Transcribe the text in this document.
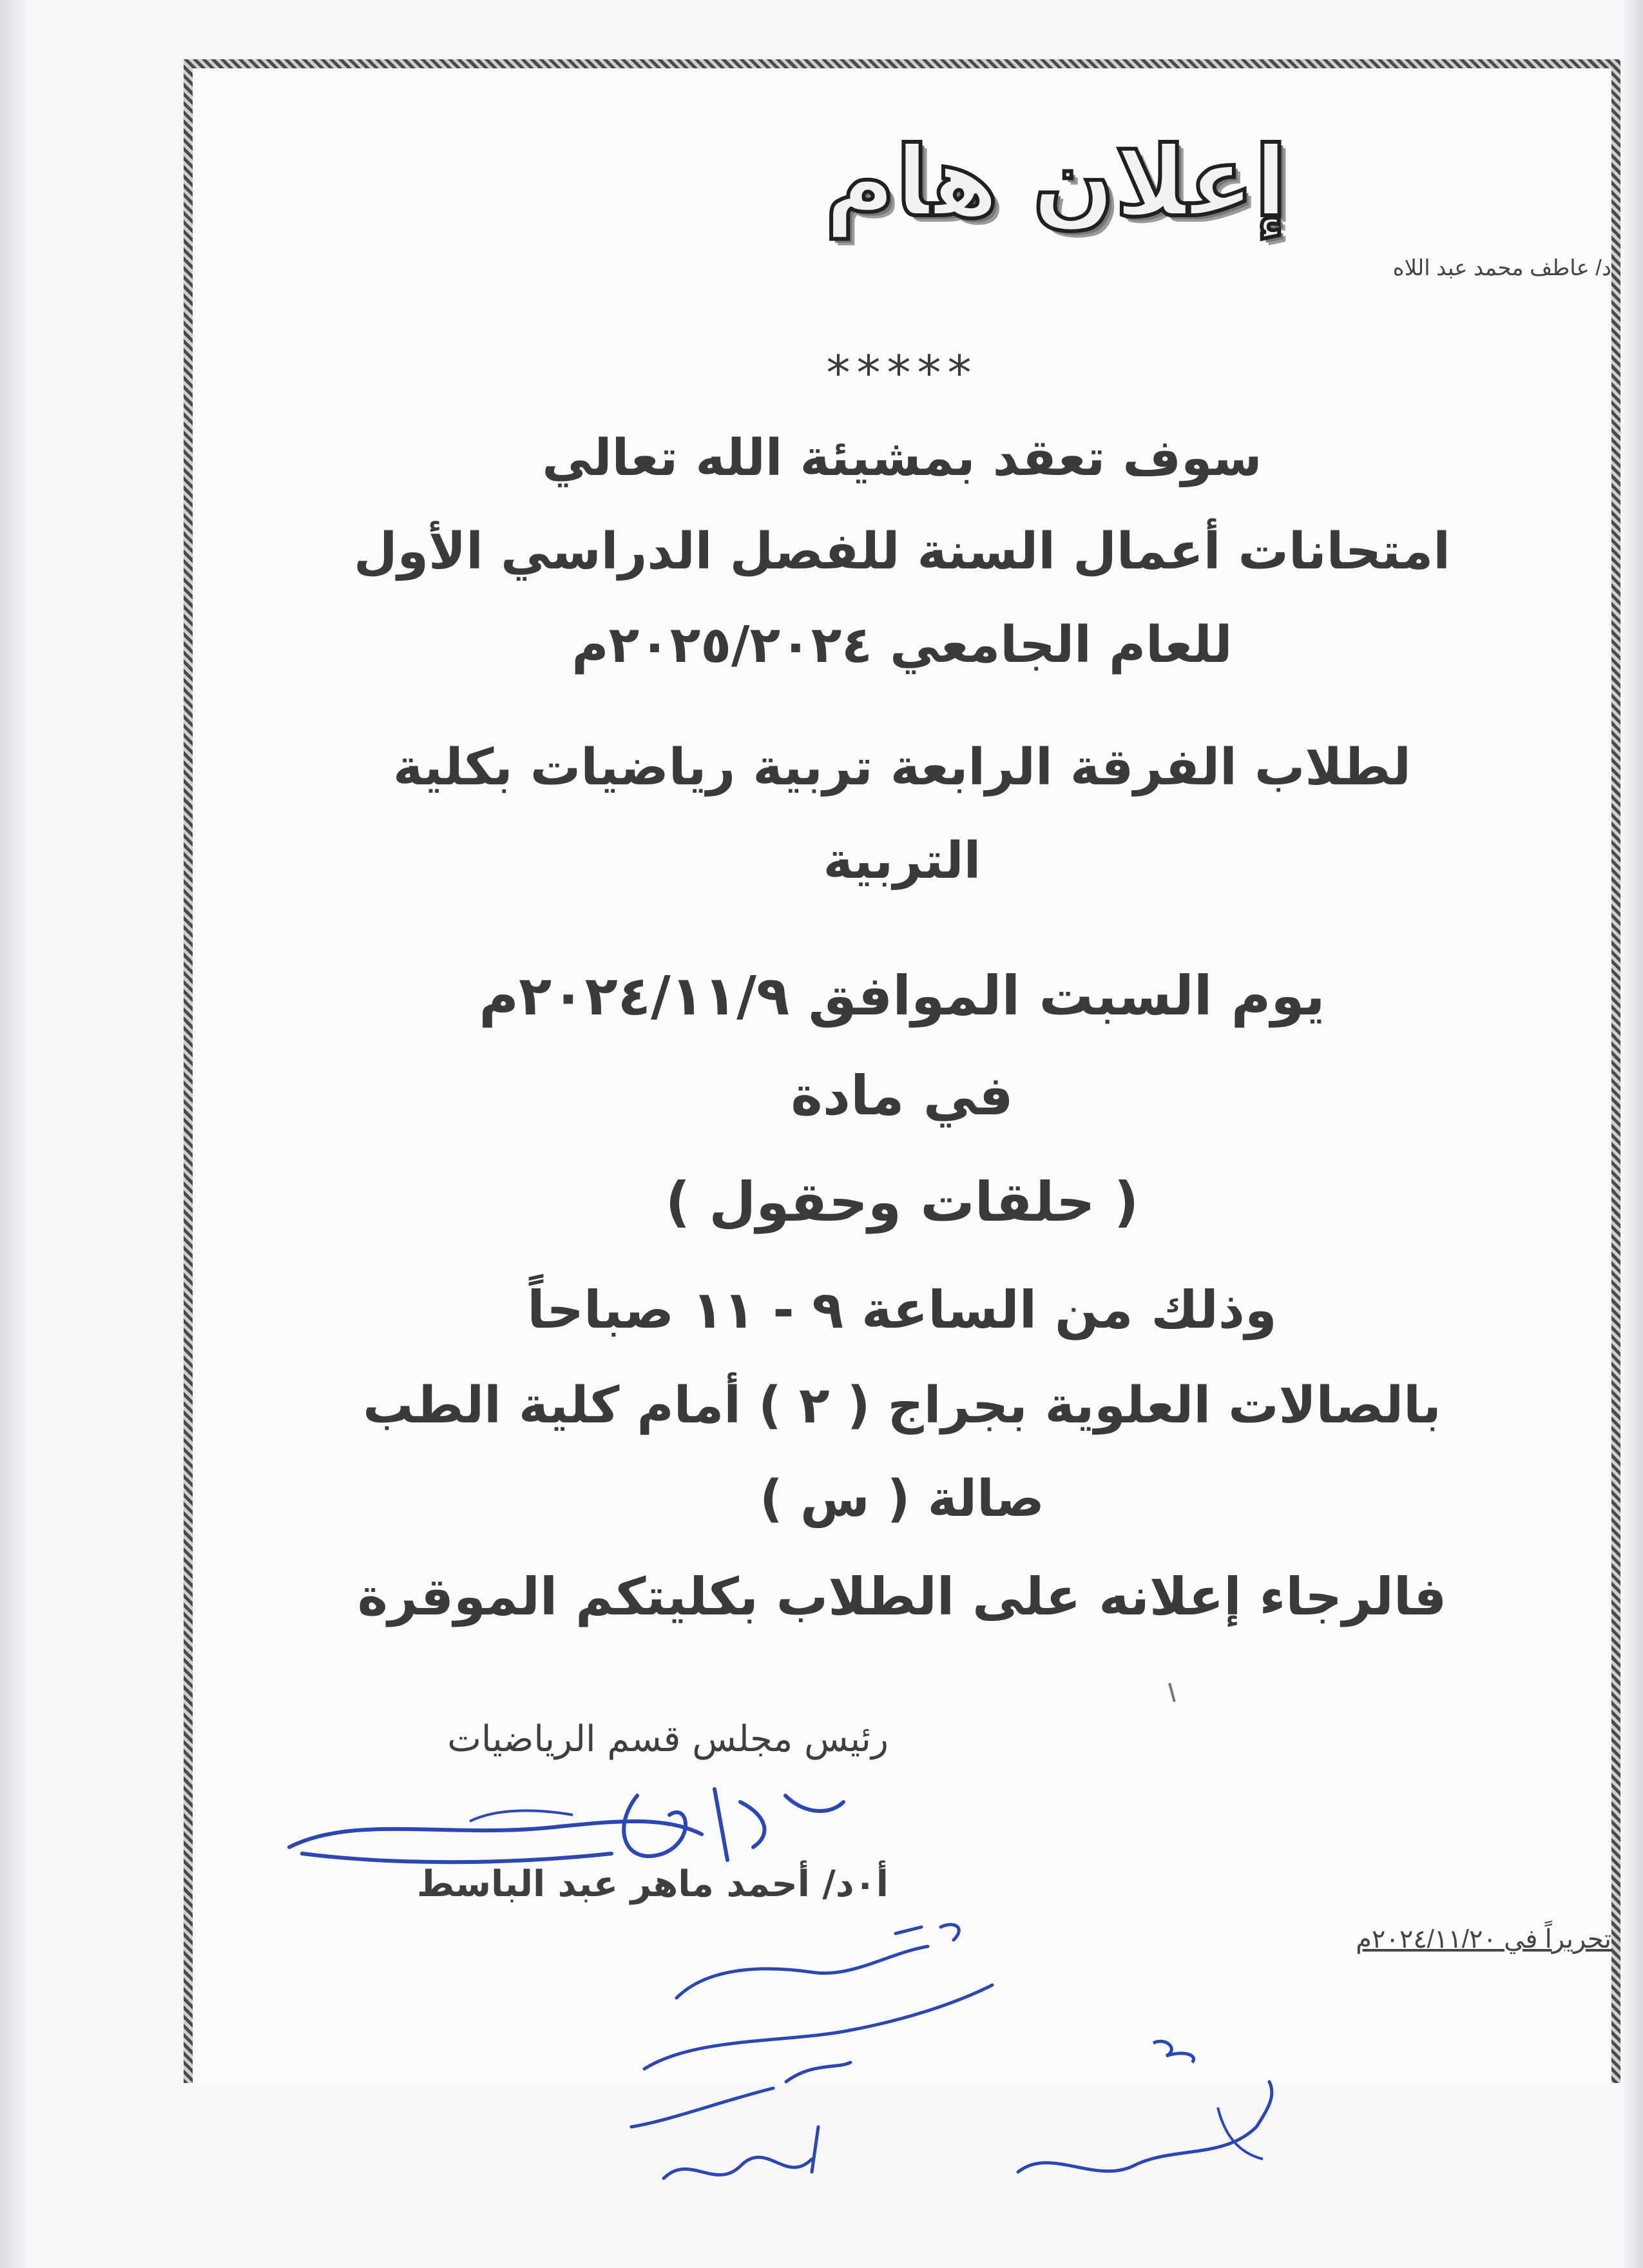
إعلان هام
د/ عاطف محمد عبد اللاه
*****
سوف تعقد بمشيئة الله تعالي
امتحانات أعمال السنة للفصل الدراسي الأول
للعام الجامعي ٢٠٢٥/٢٠٢٤م
لطلاب الفرقة الرابعة تربية رياضيات بكلية
التربية
يوم السبت الموافق ٢٠٢٤/١١/٩م
في مادة
( حلقات وحقول )
وذلك من الساعة ٩ - ١١ صباحاً
بالصالات العلوية بجراج ( ٢ ) أمام كلية الطب
صالة ( س )
فالرجاء إعلانه على الطلاب بكليتكم الموقرة
رئيس مجلس قسم الرياضيات
أ٠د/ أحمد ماهر عبد الباسط
تحريراً في ٢٠٢٤/١١/٢٠م
